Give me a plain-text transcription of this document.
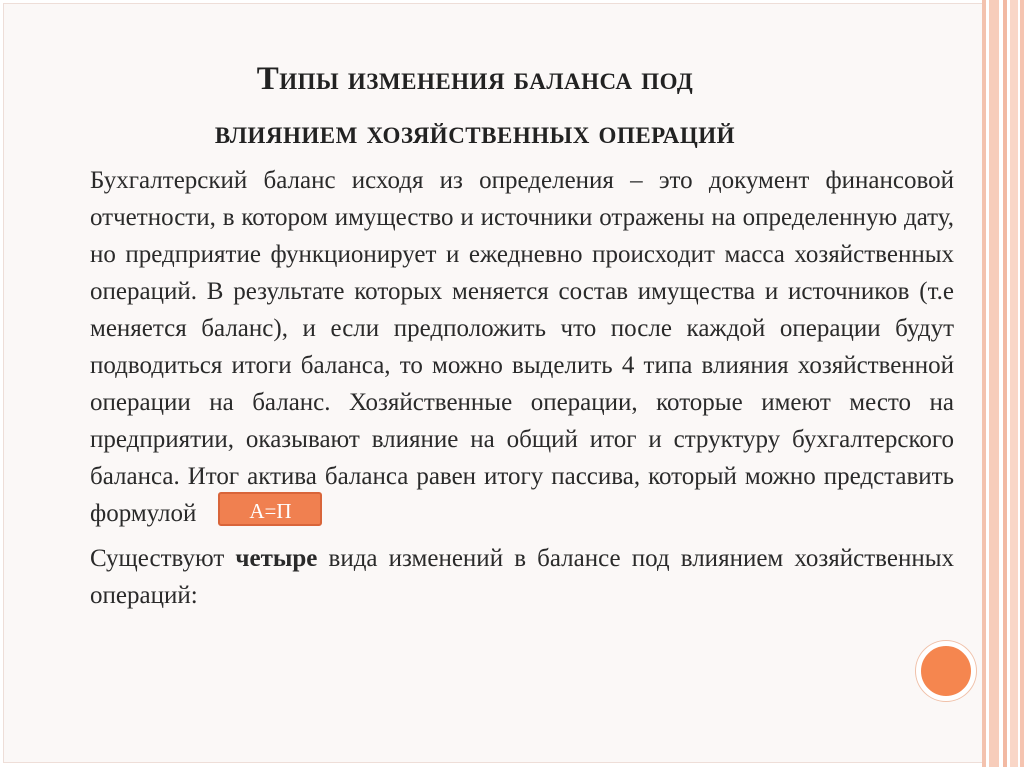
Типы изменения баланса под
влиянием хозяйственных операций

Бухгалтерский баланс исходя из определения – это документ финансовой отчетности, в котором имущество и источники отражены на определенную дату, но предприятие функционирует и ежедневно происходит масса хозяйственных операций. В результате которых меняется состав имущества и источников (т.е меняется баланс), и если предположить что после каждой операции будут подводиться итоги баланса, то можно выделить 4 типа влияния хозяйственной операции на баланс. Хозяйственные операции, которые имеют место на предприятии, оказывают влияние на общий итог и структуру бухгалтерского баланса. Итог актива баланса равен итогу пассива, который можно представить формулой	А=П

Существуют четыре вида изменений в балансе под влиянием хозяйственных операций:
